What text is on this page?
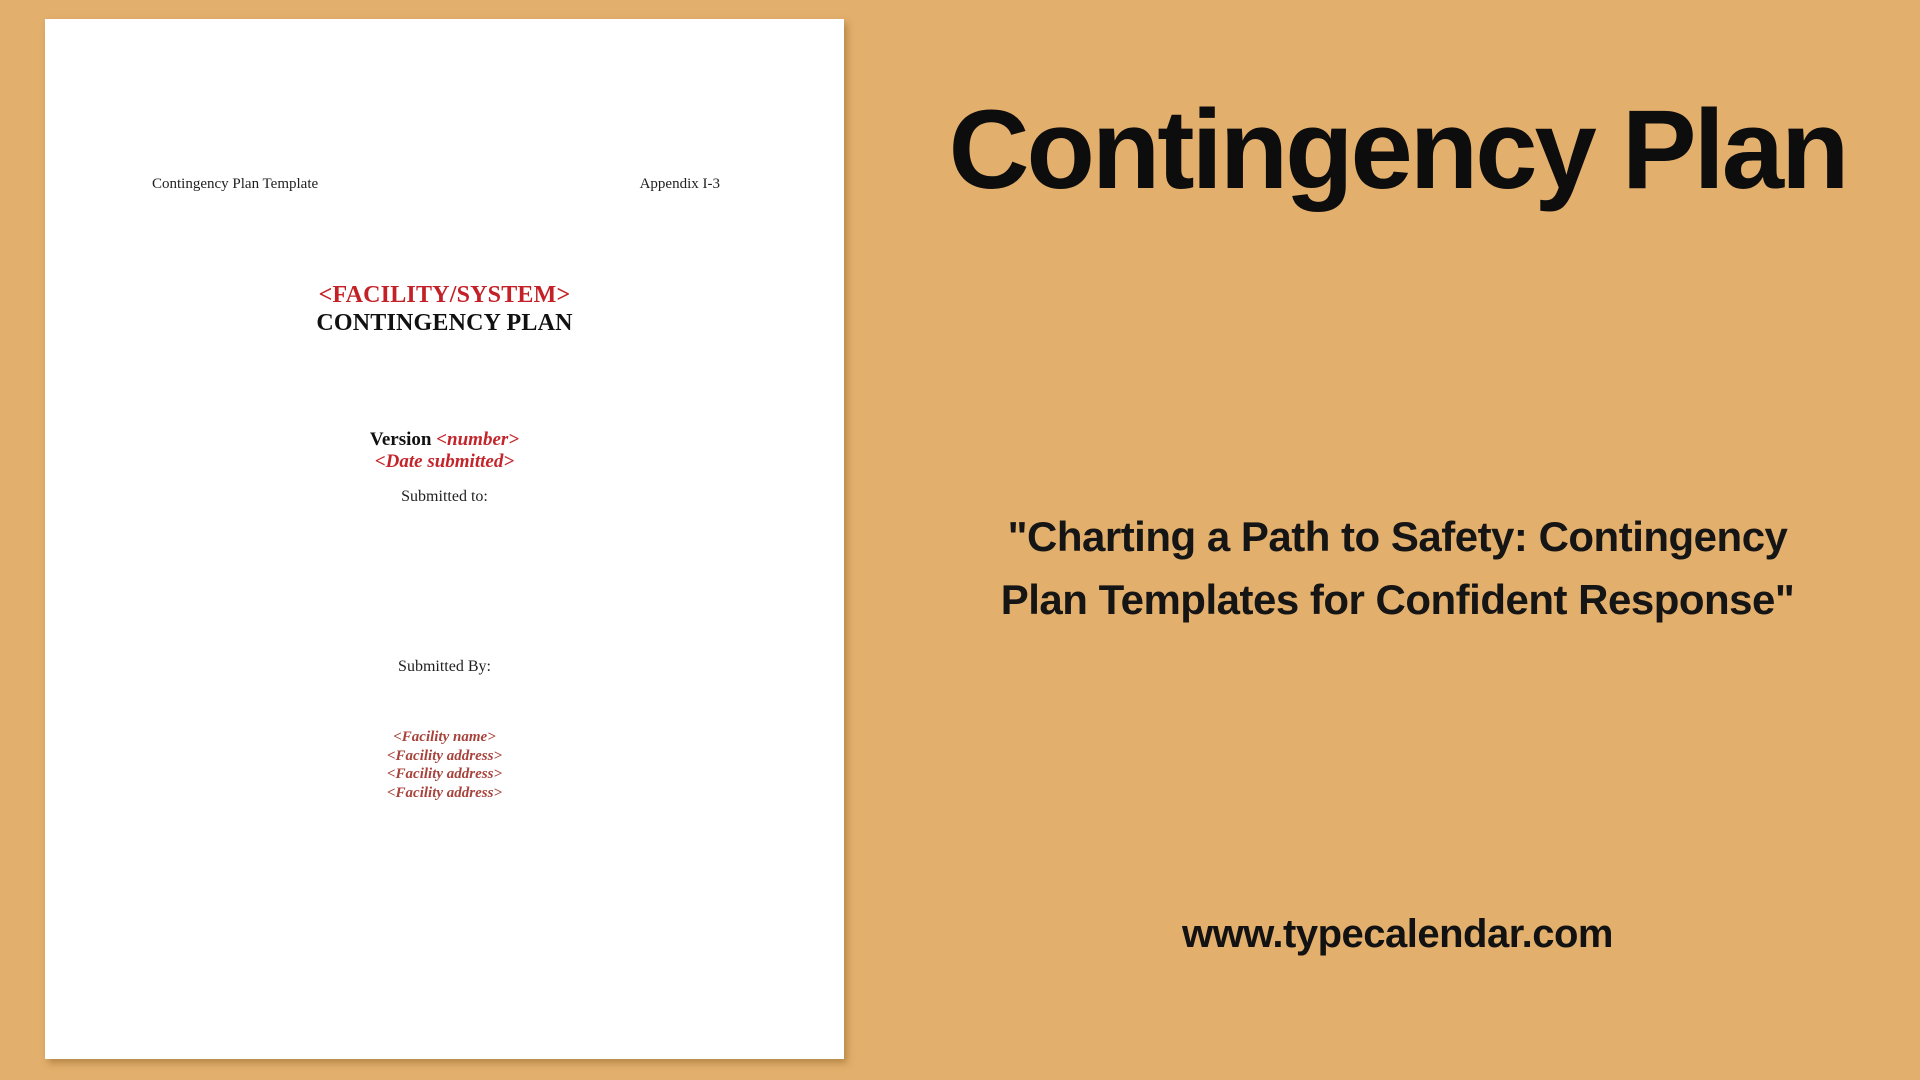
Contingency Plan Template	Appendix I-3
<FACILITY/SYSTEM>
CONTINGENCY PLAN
Version <number>
<Date submitted>
Submitted to:
Submitted By:
<Facility name>
<Facility address>
<Facility address>
<Facility address>
Contingency Plan
"Charting a Path to Safety: Contingency
Plan Templates for Confident Response"
www.typecalendar.com
